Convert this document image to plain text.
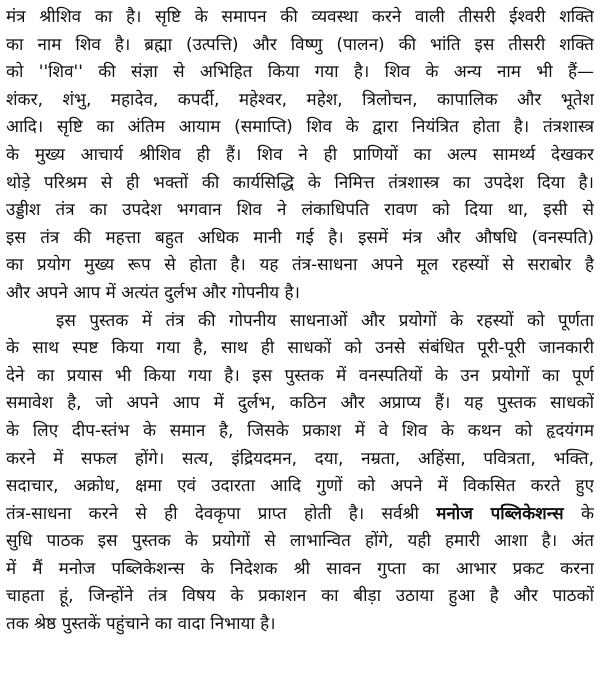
मंत्र श्रीशिव का है। सृष्टि के समापन की व्यवस्था करने वाली तीसरी ईश्वरी शक्ति
का नाम शिव है। ब्रह्मा (उत्पत्ति) और विष्णु (पालन) की भांति इस तीसरी शक्ति
को ''शिव'' की संज्ञा से अभिहित किया गया है। शिव के अन्य नाम भी हैं—
शंकर, शंभु, महादेव, कपर्दी, महेश्वर, महेश, त्रिलोचन, कापालिक और भूतेश
आदि। सृष्टि का अंतिम आयाम (समाप्ति) शिव के द्वारा नियंत्रित होता है। तंत्रशास्त्र
के मुख्य आचार्य श्रीशिव ही हैं। शिव ने ही प्राणियों का अल्प सामर्थ्य देखकर
थोड़े परिश्रम से ही भक्तों की कार्यसिद्धि के निमित्त तंत्रशास्त्र का उपदेश दिया है।
उड्डीश तंत्र का उपदेश भगवान शिव ने लंकाधिपति रावण को दिया था, इसी से
इस तंत्र की महत्ता बहुत अधिक मानी गई है। इसमें मंत्र और औषधि (वनस्पति)
का प्रयोग मुख्य रूप से होता है। यह तंत्र-साधना अपने मूल रहस्यों से सराबोर है
और अपने आप में अत्यंत दुर्लभ और गोपनीय है।
इस पुस्तक में तंत्र की गोपनीय साधनाओं और प्रयोगों के रहस्यों को पूर्णता
के साथ स्पष्ट किया गया है, साथ ही साधकों को उनसे संबंधित पूरी-पूरी जानकारी
देने का प्रयास भी किया गया है। इस पुस्तक में वनस्पतियों के उन प्रयोगों का पूर्ण
समावेश है, जो अपने आप में दुर्लभ, कठिन और अप्राप्य हैं। यह पुस्तक साधकों
के लिए दीप-स्तंभ के समान है, जिसके प्रकाश में वे शिव के कथन को हृदयंगम
करने में सफल होंगे। सत्य, इंद्रियदमन, दया, नम्रता, अहिंसा, पवित्रता, भक्ति,
सदाचार, अक्रोध, क्षमा एवं उदारता आदि गुणों को अपने में विकसित करते हुए
तंत्र-साधना करने से ही देवकृपा प्राप्त होती है। सर्वश्री मनोज पब्लिकेशन्स के
सुधि पाठक इस पुस्तक के प्रयोगों से लाभान्वित होंगे, यही हमारी आशा है। अंत
में मैं मनोज पब्लिकेशन्स के निदेशक श्री सावन गुप्ता का आभार प्रकट करना
चाहता हूं, जिन्होंने तंत्र विषय के प्रकाशन का बीड़ा उठाया हुआ है और पाठकों
तक श्रेष्ठ पुस्तकें पहुंचाने का वादा निभाया है।
